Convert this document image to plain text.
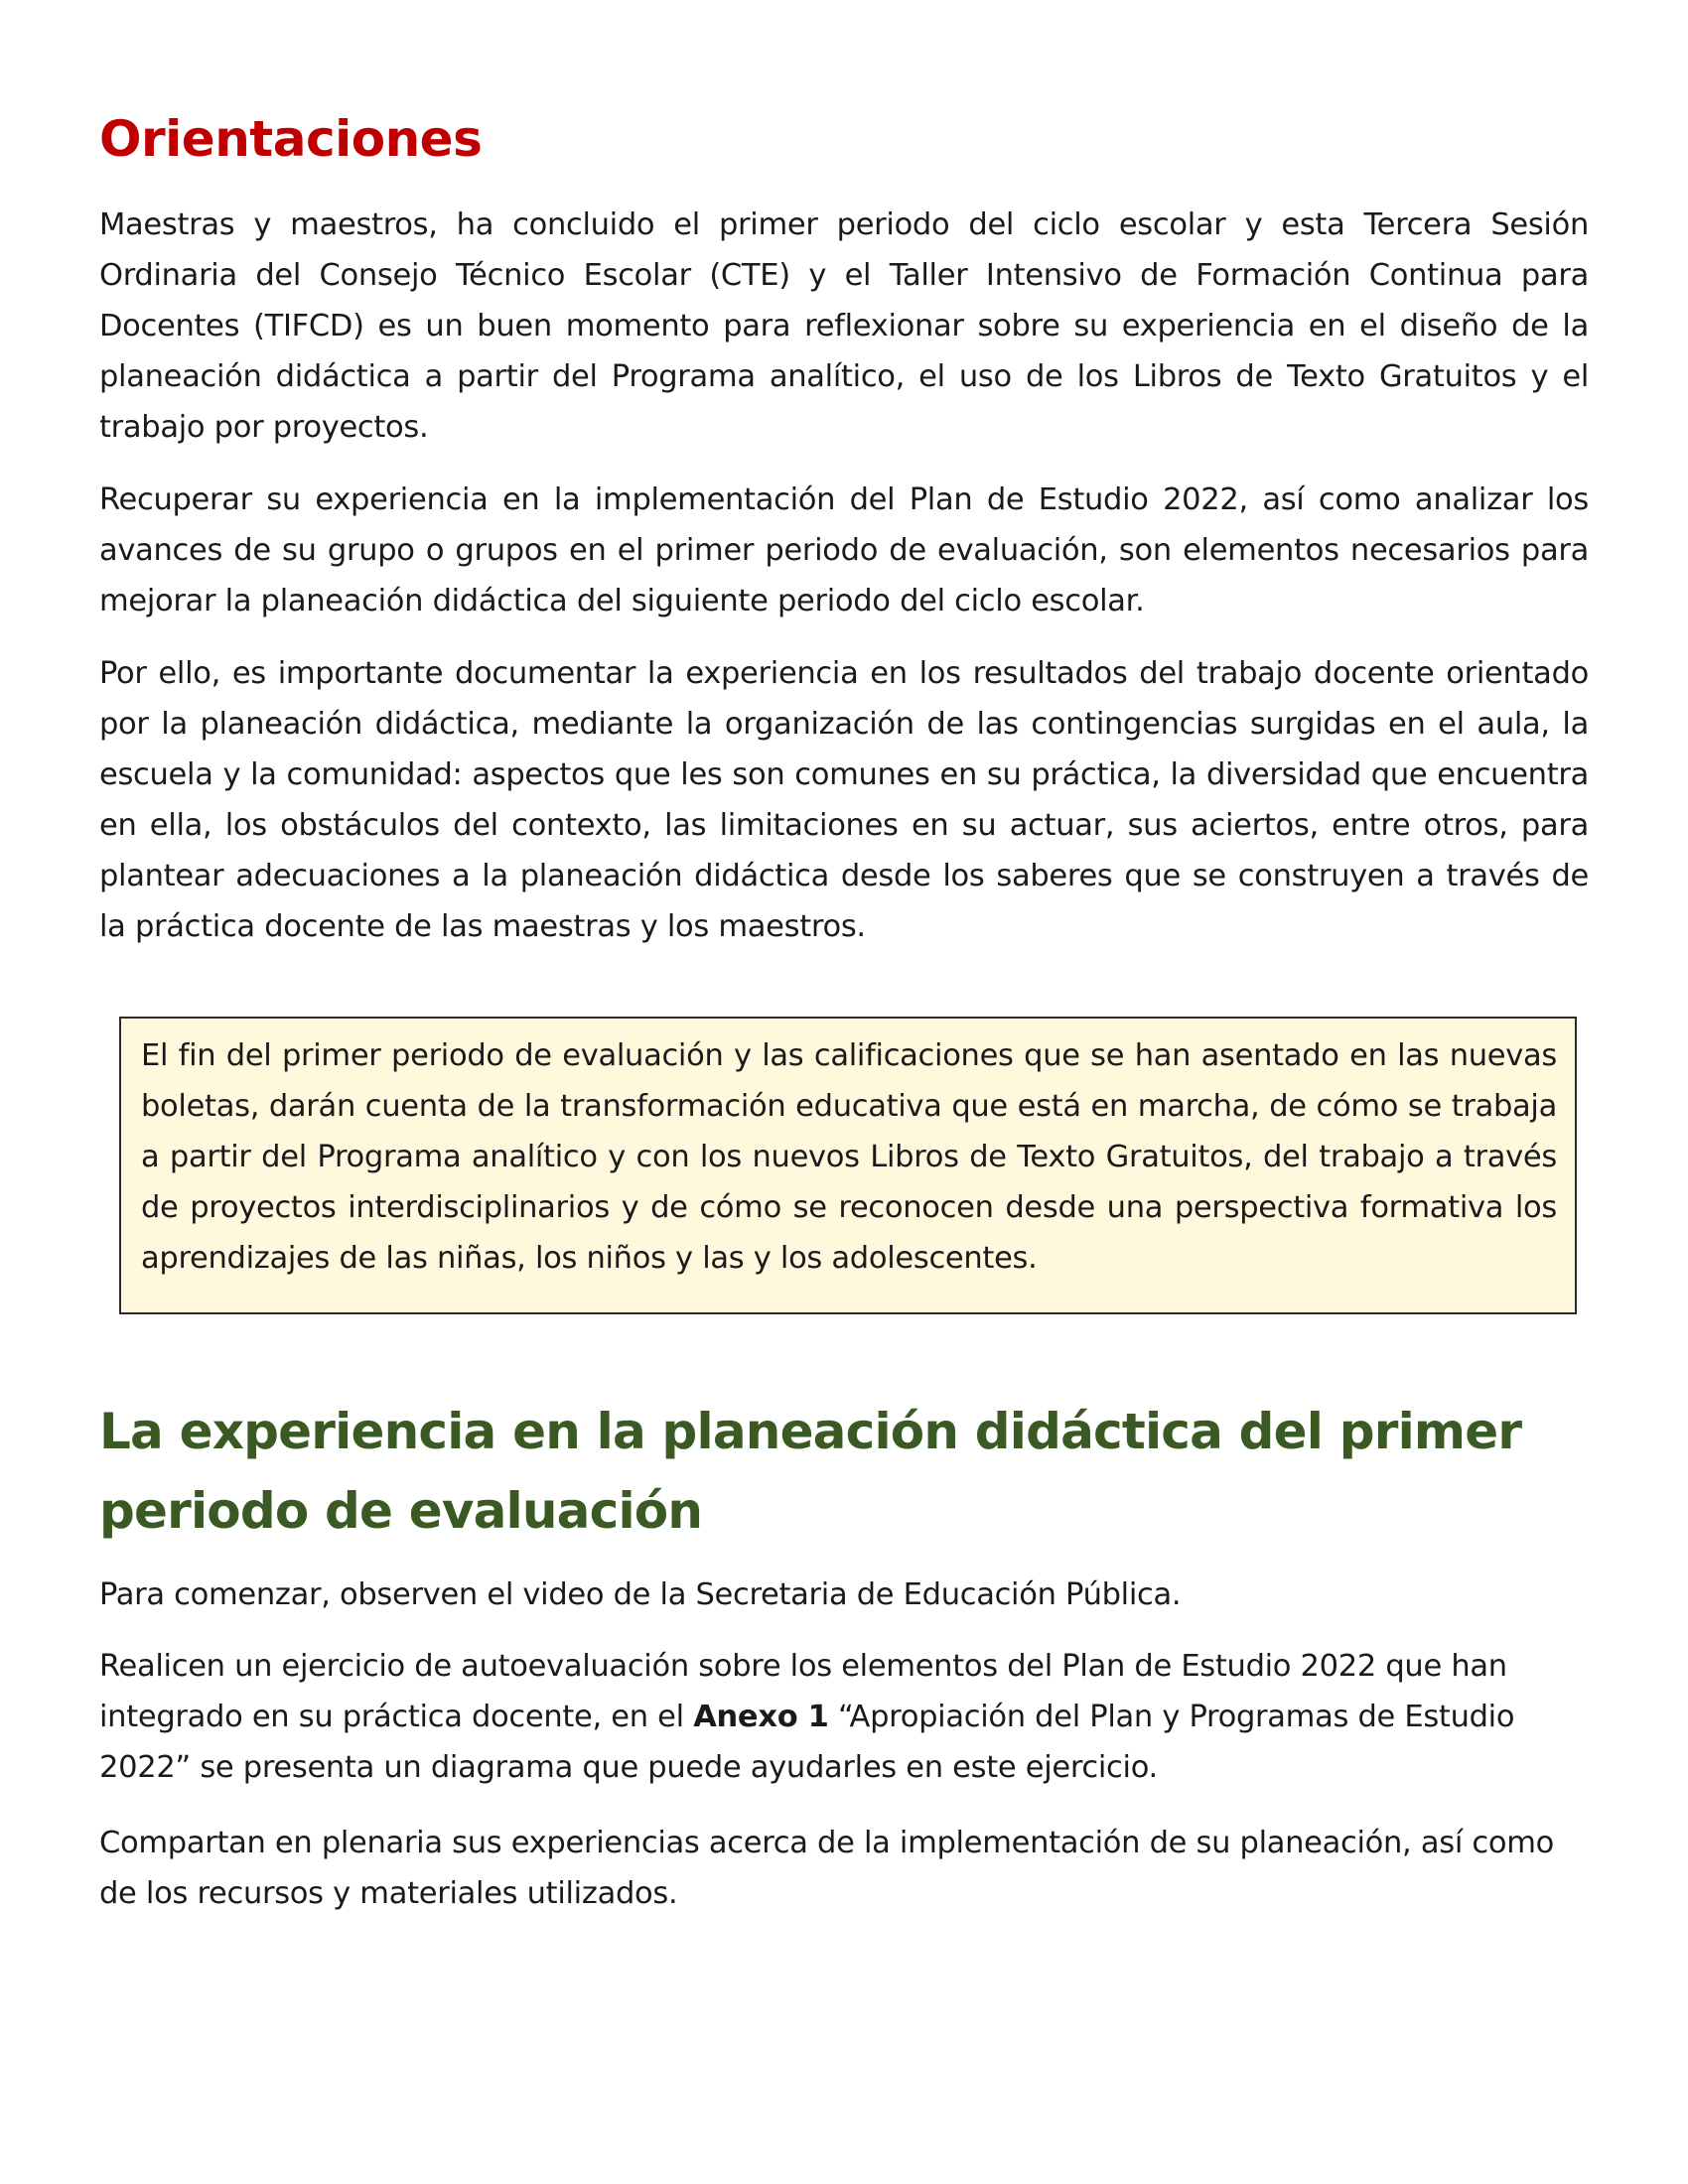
Orientaciones

Maestras y maestros, ha concluido el primer periodo del ciclo escolar y esta Tercera Sesión Ordinaria del Consejo Técnico Escolar (CTE) y el Taller Intensivo de Formación Continua para Docentes (TIFCD) es un buen momento para reflexionar sobre su experiencia en el diseño de la planeación didáctica a partir del Programa analítico, el uso de los Libros de Texto Gratuitos y el trabajo por proyectos.

Recuperar su experiencia en la implementación del Plan de Estudio 2022, así como analizar los avances de su grupo o grupos en el primer periodo de evaluación, son elementos necesarios para mejorar la planeación didáctica del siguiente periodo del ciclo escolar.

Por ello, es importante documentar la experiencia en los resultados del trabajo docente orientado por la planeación didáctica, mediante la organización de las contingencias surgidas en el aula, la escuela y la comunidad: aspectos que les son comunes en su práctica, la diversidad que encuentra en ella, los obstáculos del contexto, las limitaciones en su actuar, sus aciertos, entre otros, para plantear adecuaciones a la planeación didáctica desde los saberes que se construyen a través de la práctica docente de las maestras y los maestros.

El fin del primer periodo de evaluación y las calificaciones que se han asentado en las nuevas boletas, darán cuenta de la transformación educativa que está en marcha, de cómo se trabaja a partir del Programa analítico y con los nuevos Libros de Texto Gratuitos, del trabajo a través de proyectos interdisciplinarios y de cómo se reconocen desde una perspectiva formativa los aprendizajes de las niñas, los niños y las y los adolescentes.

La experiencia en la planeación didáctica del primer periodo de evaluación

Para comenzar, observen el video de la Secretaria de Educación Pública.

Realicen un ejercicio de autoevaluación sobre los elementos del Plan de Estudio 2022 que han integrado en su práctica docente, en el Anexo 1 “Apropiación del Plan y Programas de Estudio 2022” se presenta un diagrama que puede ayudarles en este ejercicio.

Compartan en plenaria sus experiencias acerca de la implementación de su planeación, así como de los recursos y materiales utilizados.
